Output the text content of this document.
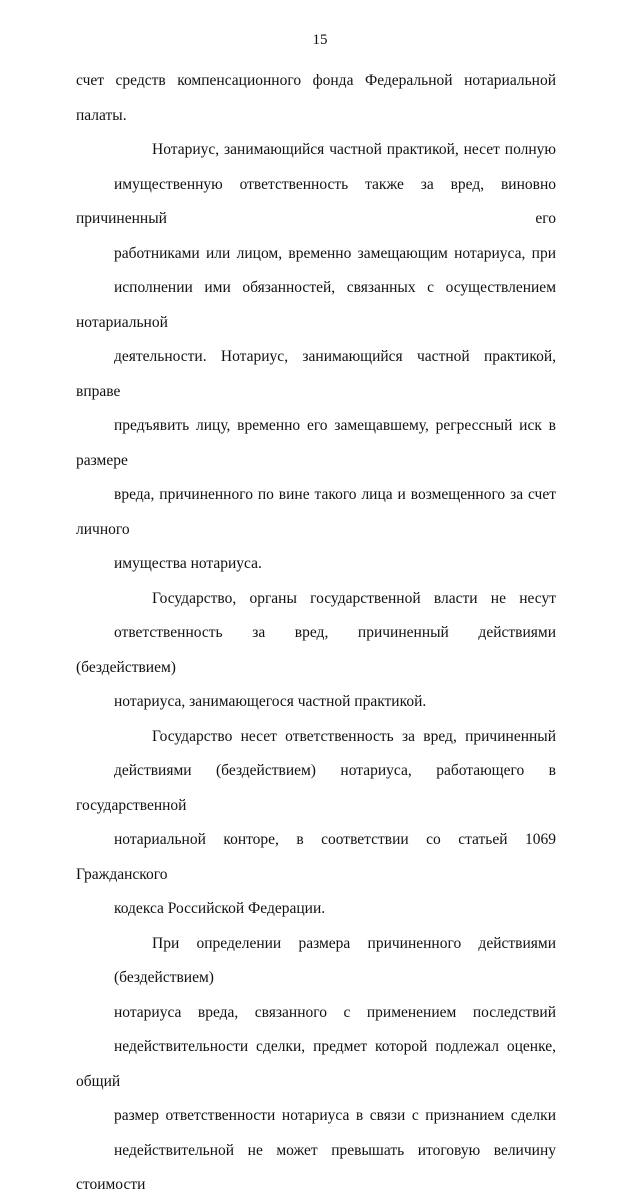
15

счет средств компенсационного фонда Федеральной нотариальной палаты.

Нотариус, занимающийся частной практикой, несет полную
имущественную ответственность также за вред, виновно причиненный его
работниками или лицом, временно замещающим нотариуса, при
исполнении ими обязанностей, связанных с осуществлением нотариальной
деятельности. Нотариус, занимающийся частной практикой, вправе
предъявить лицу, временно его замещавшему, регрессный иск в размере
вреда, причиненного по вине такого лица и возмещенного за счет личного
имущества нотариуса.

Государство, органы государственной власти не несут
ответственность за вред, причиненный действиями (бездействием)
нотариуса, занимающегося частной практикой.

Государство несет ответственность за вред, причиненный
действиями (бездействием) нотариуса, работающего в государственной
нотариальной конторе, в соответствии со статьей 1069 Гражданского
кодекса Российской Федерации.

При определении размера причиненного действиями (бездействием)
нотариуса вреда, связанного с применением последствий
недействительности сделки, предмет которой подлежал оценке, общий
размер ответственности нотариуса в связи с признанием сделки
недействительной не может превышать итоговую величину стоимости
